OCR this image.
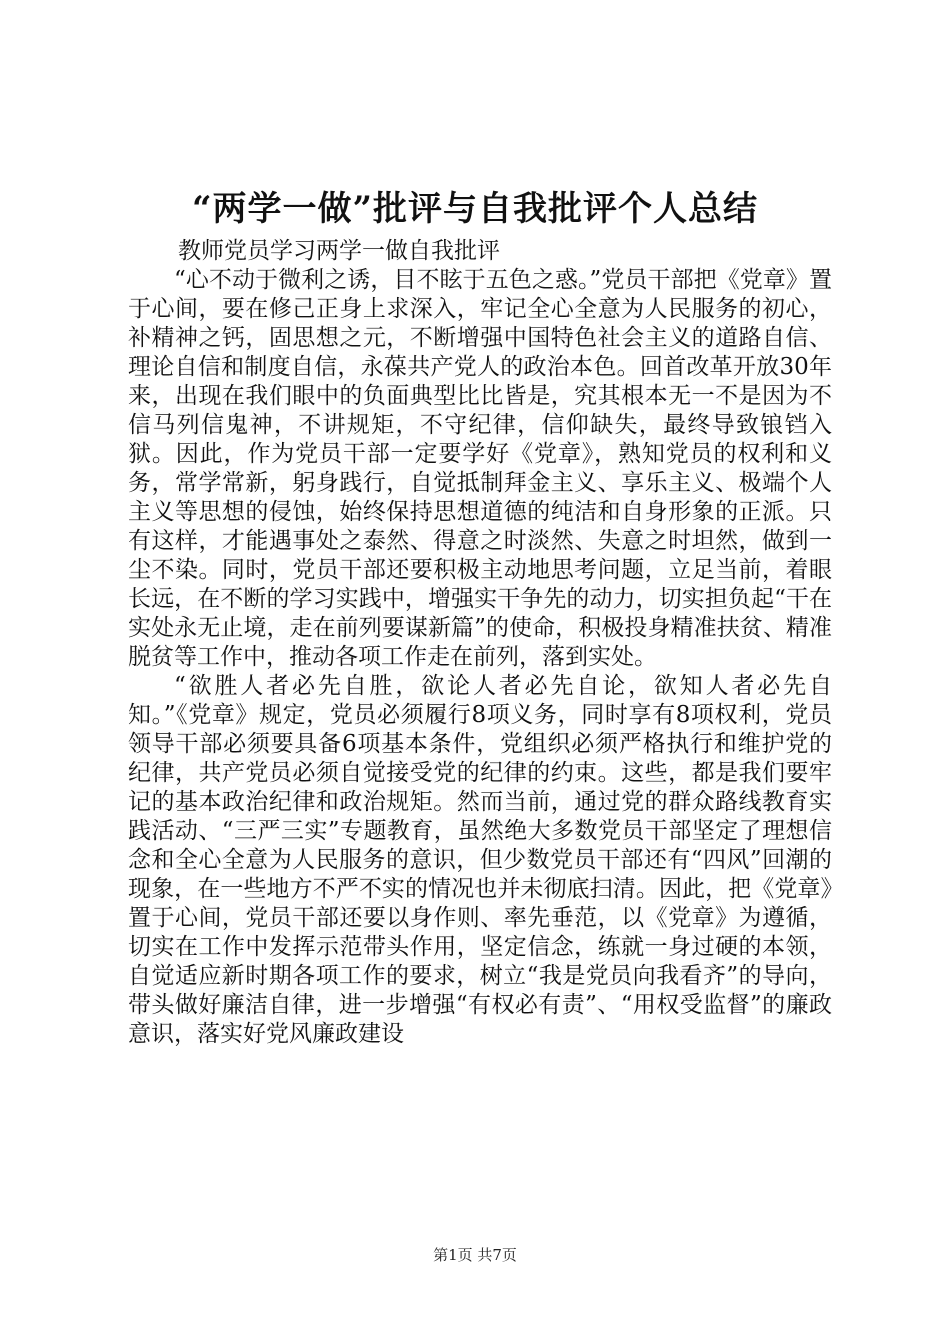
“两学一做”批评与自我批评个人总结
教师党员学习两学一做自我批评

“心不动于微利之诱，目不眩于五色之惑。”党员干部把《党章》置于心间，要在修己正身上求深入，牢记全心全意为人民服务的初心，补精神之钙，固思想之元，不断增强中国特色社会主义的道路自信、理论自信和制度自信，永葆共产党人的政治本色。回首改革开放30年来，出现在我们眼中的负面典型比比皆是，究其根本无一不是因为不信马列信鬼神，不讲规矩，不守纪律，信仰缺失，最终导致锒铛入狱。因此，作为党员干部一定要学好《党章》，熟知党员的权利和义务，常学常新，躬身践行，自觉抵制拜金主义、享乐主义、极端个人主义等思想的侵蚀，始终保持思想道德的纯洁和自身形象的正派。只有这样，才能遇事处之泰然、得意之时淡然、失意之时坦然，做到一尘不染。同时，党员干部还要积极主动地思考问题，立足当前，着眼长远，在不断的学习实践中，增强实干争先的动力，切实担负起“干在实处永无止境，走在前列要谋新篇”的使命，积极投身精准扶贫、精准脱贫等工作中，推动各项工作走在前列，落到实处。

“欲胜人者必先自胜，欲论人者必先自论，欲知人者必先自知。”《党章》规定，党员必须履行8项义务，同时享有8项权利，党员领导干部必须要具备6项基本条件，党组织必须严格执行和维护党的纪律，共产党员必须自觉接受党的纪律的约束。这些，都是我们要牢记的基本政治纪律和政治规矩。然而当前，通过党的群众路线教育实践活动、“三严三实”专题教育，虽然绝大多数党员干部坚定了理想信念和全心全意为人民服务的意识，但少数党员干部还有“四风”回潮的现象，在一些地方不严不实的情况也并未彻底扫清。因此，把《党章》置于心间，党员干部还要以身作则、率先垂范，以《党章》为遵循，切实在工作中发挥示范带头作用，坚定信念，练就一身过硬的本领，自觉适应新时期各项工作的要求，树立“我是党员向我看齐”的导向，带头做好廉洁自律，进一步增强“有权必有责”、“用权受监督”的廉政意识，落实好党风廉政建设

第1页 共7页
